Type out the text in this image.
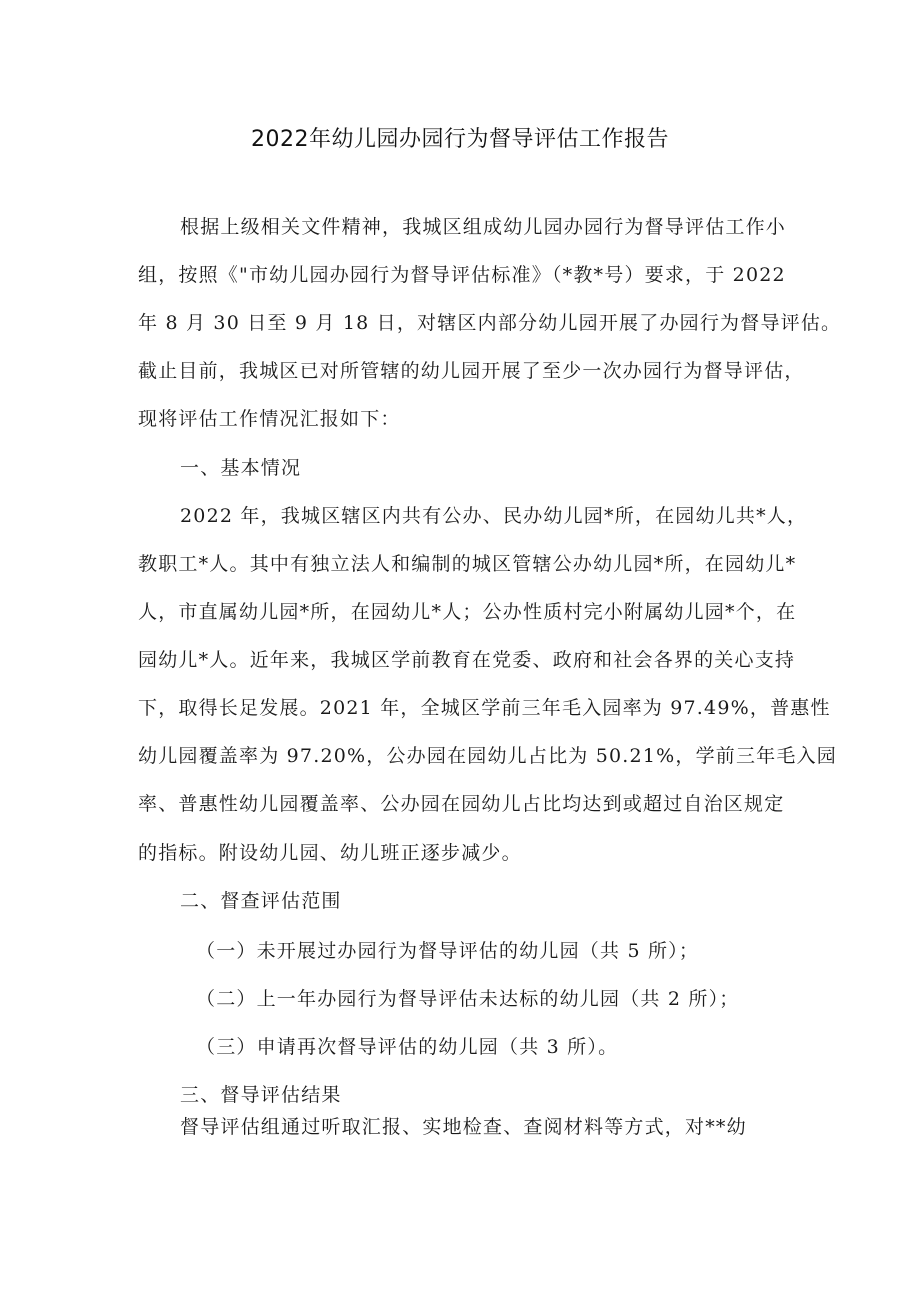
2022年幼儿园办园行为督导评估工作报告
根据上级相关文件精神，我城区组成幼儿园办园行为督导评估工作小
组，按照《"市幼儿园办园行为督导评估标准》（*教*号）要求，于 2022
年 8 月 30 日至 9 月 18 日，对辖区内部分幼儿园开展了办园行为督导评估。
截止目前，我城区已对所管辖的幼儿园开展了至少一次办园行为督导评估，
现将评估工作情况汇报如下：
一、基本情况
2022 年，我城区辖区内共有公办、民办幼儿园*所，在园幼儿共*人，
教职工*人。其中有独立法人和编制的城区管辖公办幼儿园*所，在园幼儿*
人，市直属幼儿园*所，在园幼儿*人；公办性质村完小附属幼儿园*个，在
园幼儿*人。近年来，我城区学前教育在党委、政府和社会各界的关心支持
下，取得长足发展。2021 年，全城区学前三年毛入园率为 97.49%，普惠性
幼儿园覆盖率为 97.20%，公办园在园幼儿占比为 50.21%，学前三年毛入园
率、普惠性幼儿园覆盖率、公办园在园幼儿占比均达到或超过自治区规定
的指标。附设幼儿园、幼儿班正逐步减少。
二、督查评估范围
（一）未开展过办园行为督导评估的幼儿园（共 5 所）；
（二）上一年办园行为督导评估未达标的幼儿园（共 2 所）；
（三）申请再次督导评估的幼儿园（共 3 所）。
三、督导评估结果
督导评估组通过听取汇报、实地检查、查阅材料等方式，对**幼
